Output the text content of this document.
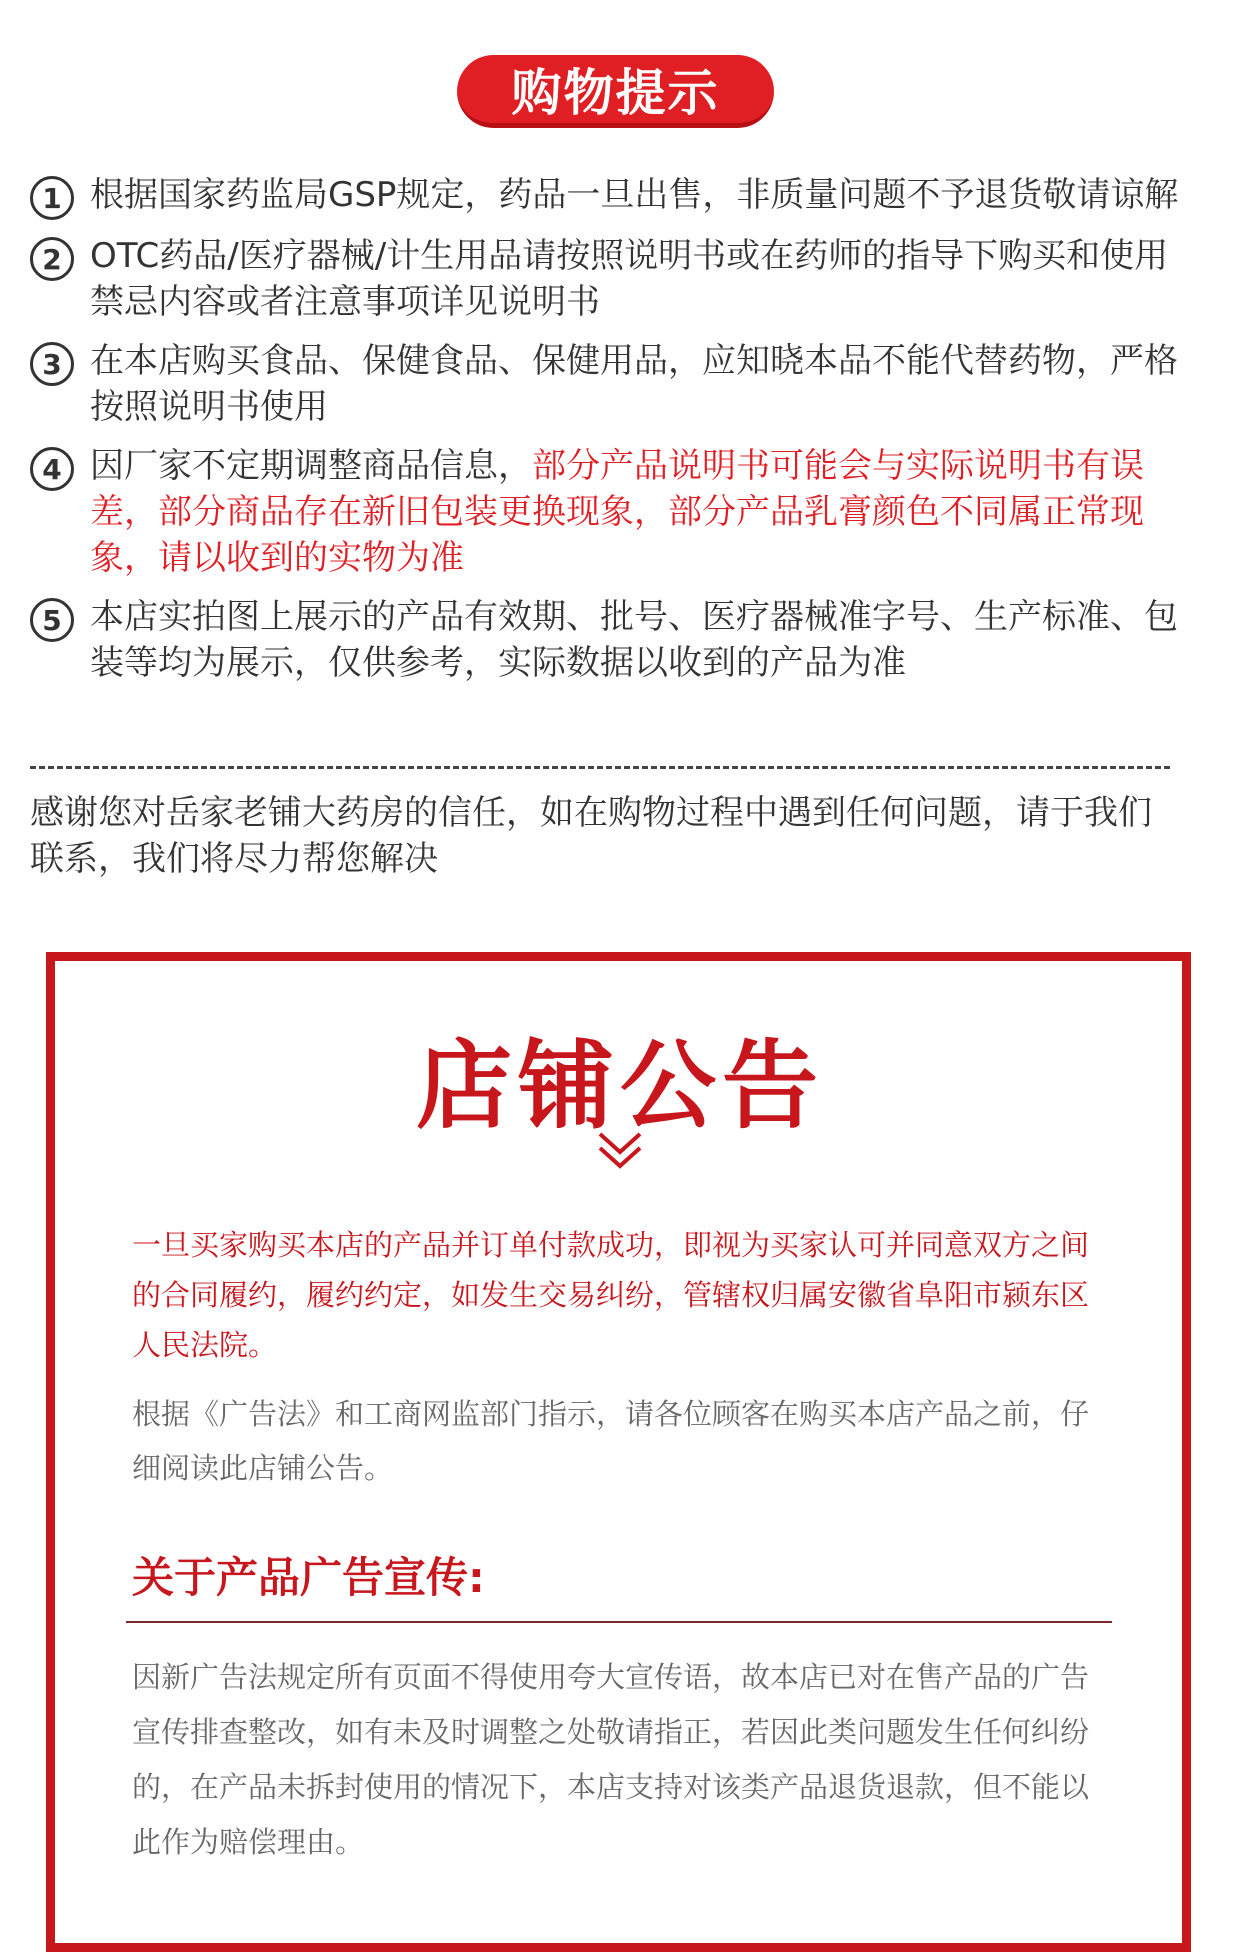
购物提示
1 根据国家药监局GSP规定，药品一旦出售，非质量问题不予退货敬请谅解
2 OTC药品/医疗器械/计生用品请按照说明书或在药师的指导下购买和使用禁忌内容或者注意事项详见说明书
3 在本店购买食品、保健食品、保健用品，应知晓本品不能代替药物，严格按照说明书使用
4 因厂家不定期调整商品信息，部分产品说明书可能会与实际说明书有误差，部分商品存在新旧包装更换现象，部分产品乳膏颜色不同属正常现象，请以收到的实物为准
5 本店实拍图上展示的产品有效期、批号、医疗器械准字号、生产标准、包装等均为展示，仅供参考，实际数据以收到的产品为准
感谢您对岳家老铺大药房的信任，如在购物过程中遇到任何问题，请于我们联系，我们将尽力帮您解决
店铺公告
一旦买家购买本店的产品并订单付款成功，即视为买家认可并同意双方之间的合同履约，履约约定，如发生交易纠纷，管辖权归属安徽省阜阳市颍东区人民法院。
根据《广告法》和工商网监部门指示，请各位顾客在购买本店产品之前，仔细阅读此店铺公告。
关于产品广告宣传:
因新广告法规定所有页面不得使用夸大宣传语，故本店已对在售产品的广告宣传排查整改，如有未及时调整之处敬请指正，若因此类问题发生任何纠纷的，在产品未拆封使用的情况下，本店支持对该类产品退货退款，但不能以此作为赔偿理由。
